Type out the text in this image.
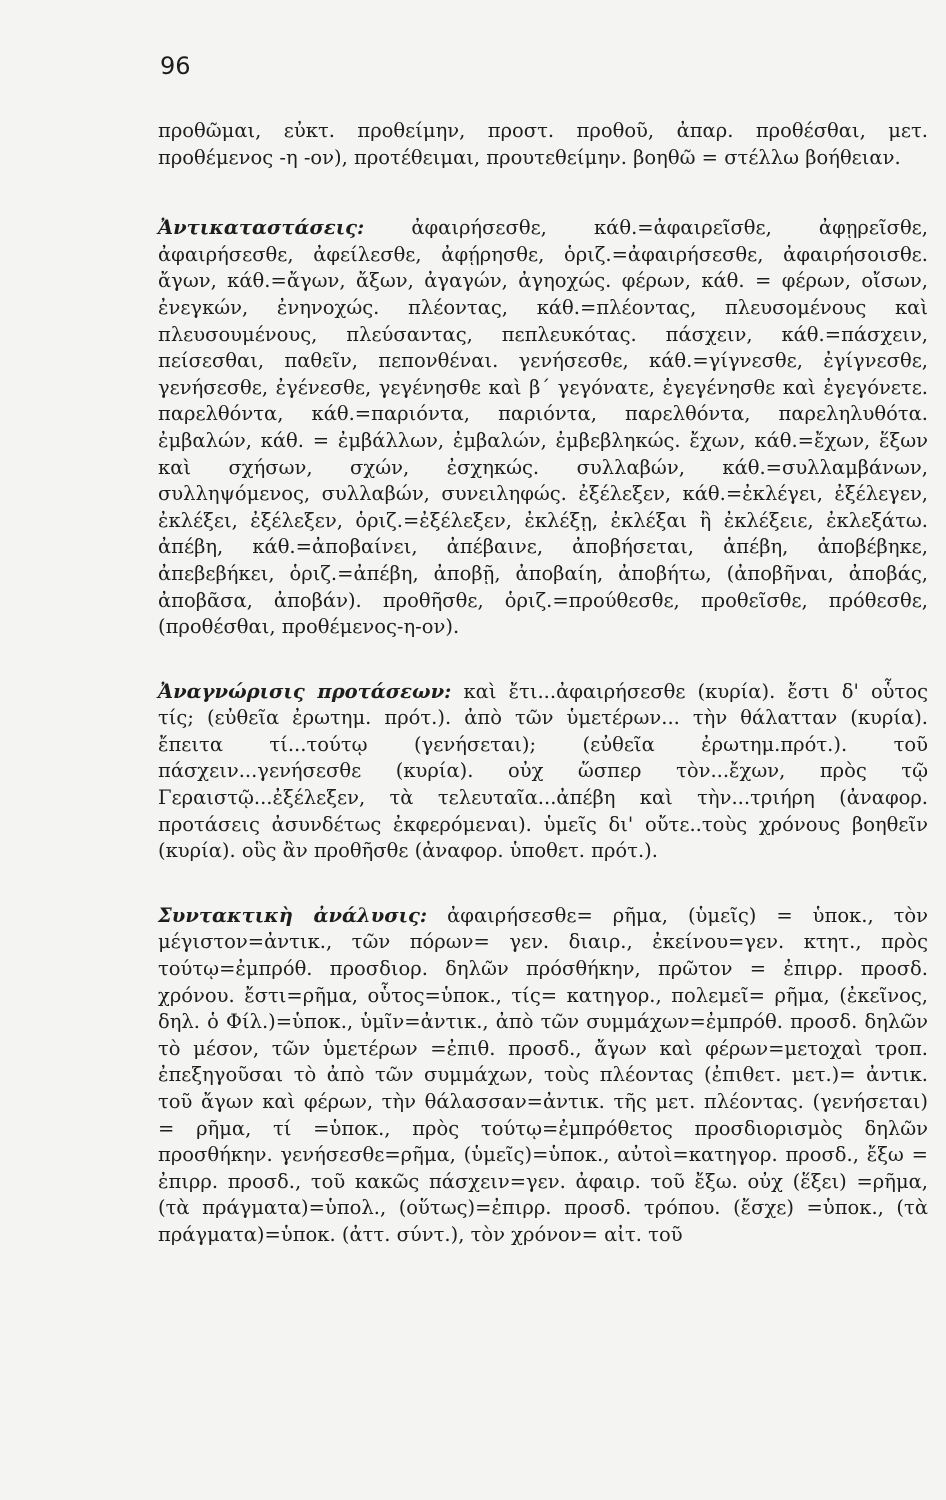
96

προθῶμαι, εὐκτ. προθείμην, προστ. προθοῦ, ἀπαρ. προθέσθαι, μετ. προθέμενος -η -ον), προτέθειμαι, προυτεθείμην. βοηθῶ = στέλλω βοήθειαν.

Ἀντικαταστάσεις: ἀφαιρήσεσθε, κάθ.=ἀφαιρεῖσθε, ἀφῃρεῖσθε, ἀφαιρήσεσθε, ἀφείλεσθε, ἀφῄρησθε, ὁριζ.=ἀφαιρήσεσθε, ἀφαιρήσοισθε. ἄγων, κάθ.=ἄγων, ἄξων, ἀγαγών, ἀγηοχώς. φέρων, κάθ. = φέρων, οἴσων, ἐνεγκών, ἐνηνοχώς. πλέοντας, κάθ.=πλέοντας, πλευσομένους καὶ πλευσουμένους, πλεύσαντας, πεπλευκότας. πάσχειν, κάθ.=πάσχειν, πείσεσθαι, παθεῖν, πεπονθέναι. γενήσεσθε, κάθ.=γίγνεσθε, ἐγίγνεσθε, γενήσεσθε, ἐγένεσθε, γεγένησθε καὶ β΄ γεγόνατε, ἐγεγένησθε καὶ ἐγεγόνετε. παρελθόντα, κάθ.=παριόντα, παριόντα, παρελθόντα, παρεληλυθότα. ἐμβαλών, κάθ. = ἐμβάλλων, ἐμβαλών, ἐμβεβληκώς. ἔχων, κάθ.=ἔχων, ἕξων καὶ σχήσων, σχών, ἐσχηκώς. συλλαβών, κάθ.=συλλαμβάνων, συλληψόμενος, συλλαβών, συνειληφώς. ἐξέλεξεν, κάθ.=ἐκλέγει, ἐξέλεγεν, ἐκλέξει, ἐξέλεξεν, ὁριζ.=ἐξέλεξεν, ἐκλέξῃ, ἐκλέξαι ἢ ἐκλέξειε, ἐκλεξάτω. ἀπέβη, κάθ.=ἀποβαίνει, ἀπέβαινε, ἀποβήσεται, ἀπέβη, ἀποβέβηκε, ἀπεβεβήκει, ὁριζ.=ἀπέβη, ἀποβῇ, ἀποβαίη, ἀποβήτω, (ἀποβῆναι, ἀποβάς, ἀποβᾶσα, ἀποβάν). προθῆσθε, ὁριζ.=προύθεσθε, προθεῖσθε, πρόθεσθε, (προθέσθαι, προθέμενος-η-ον).

Ἀναγνώρισις προτάσεων: καὶ ἔτι...ἀφαιρήσεσθε (κυρία). ἔστι δ' οὗτος τίς; (εὐθεῖα ἐρωτημ. πρότ.). ἀπὸ τῶν ὑμετέρων... τὴν θάλατταν (κυρία). ἔπειτα τί...τούτῳ (γενήσεται); (εὐθεῖα ἐρωτημ.πρότ.). τοῦ πάσχειν...γενήσεσθε (κυρία). οὐχ ὥσπερ τὸν...ἔχων, πρὸς τῷ Γεραιστῷ...ἐξέλεξεν, τὰ τελευταῖα...ἀπέβη καὶ τὴν...τριήρη (ἀναφορ. προτάσεις ἀσυνδέτως ἐκφερόμεναι). ὑμεῖς δι' οὔτε..τοὺς χρόνους βοηθεῖν (κυρία). οὓς ἂν προθῆσθε (ἀναφορ. ὑποθετ. πρότ.).

Συντακτικὴ ἀνάλυσις: ἀφαιρήσεσθε= ρῆμα, (ὑμεῖς) = ὑποκ., τὸν μέγιστον=ἀντικ., τῶν πόρων= γεν. διαιρ., ἐκείνου=γεν. κτητ., πρὸς τούτῳ=ἐμπρόθ. προσδιορ. δηλῶν πρόσθήκην, πρῶτον = ἐπιρρ. προσδ. χρόνου. ἔστι=ρῆμα, οὗτος=ὑποκ., τίς= κατηγορ., πολεμεῖ= ρῆμα, (ἐκεῖνος, δηλ. ὁ Φίλ.)=ὑποκ., ὑμῖν=ἀντικ., ἀπὸ τῶν συμμάχων=ἐμπρόθ. προσδ. δηλῶν τὸ μέσον, τῶν ὑμετέρων =ἐπιθ. προσδ., ἄγων καὶ φέρων=μετοχαὶ τροπ. ἐπεξηγοῦσαι τὸ ἀπὸ τῶν συμμάχων, τοὺς πλέοντας (ἐπιθετ. μετ.)= ἀντικ. τοῦ ἄγων καὶ φέρων, τὴν θάλασσαν=ἀντικ. τῆς μετ. πλέοντας. (γενήσεται) = ρῆμα, τί =ὑποκ., πρὸς τούτῳ=ἐμπρόθετος προσδιορισμὸς δηλῶν προσθήκην. γενήσεσθε=ρῆμα, (ὑμεῖς)=ὑποκ., αὐτοὶ=κατηγορ. προσδ., ἔξω = ἐπιρρ. προσδ., τοῦ κακῶς πάσχειν=γεν. ἀφαιρ. τοῦ ἔξω. οὐχ (ἕξει) =ρῆμα, (τὰ πράγματα)=ὑπολ., (οὕτως)=ἐπιρρ. προσδ. τρόπου. (ἔσχε) =ὑποκ., (τὰ πράγματα)=ὑποκ. (ἀττ. σύντ.), τὸν χρόνον= αἰτ. τοῦ
